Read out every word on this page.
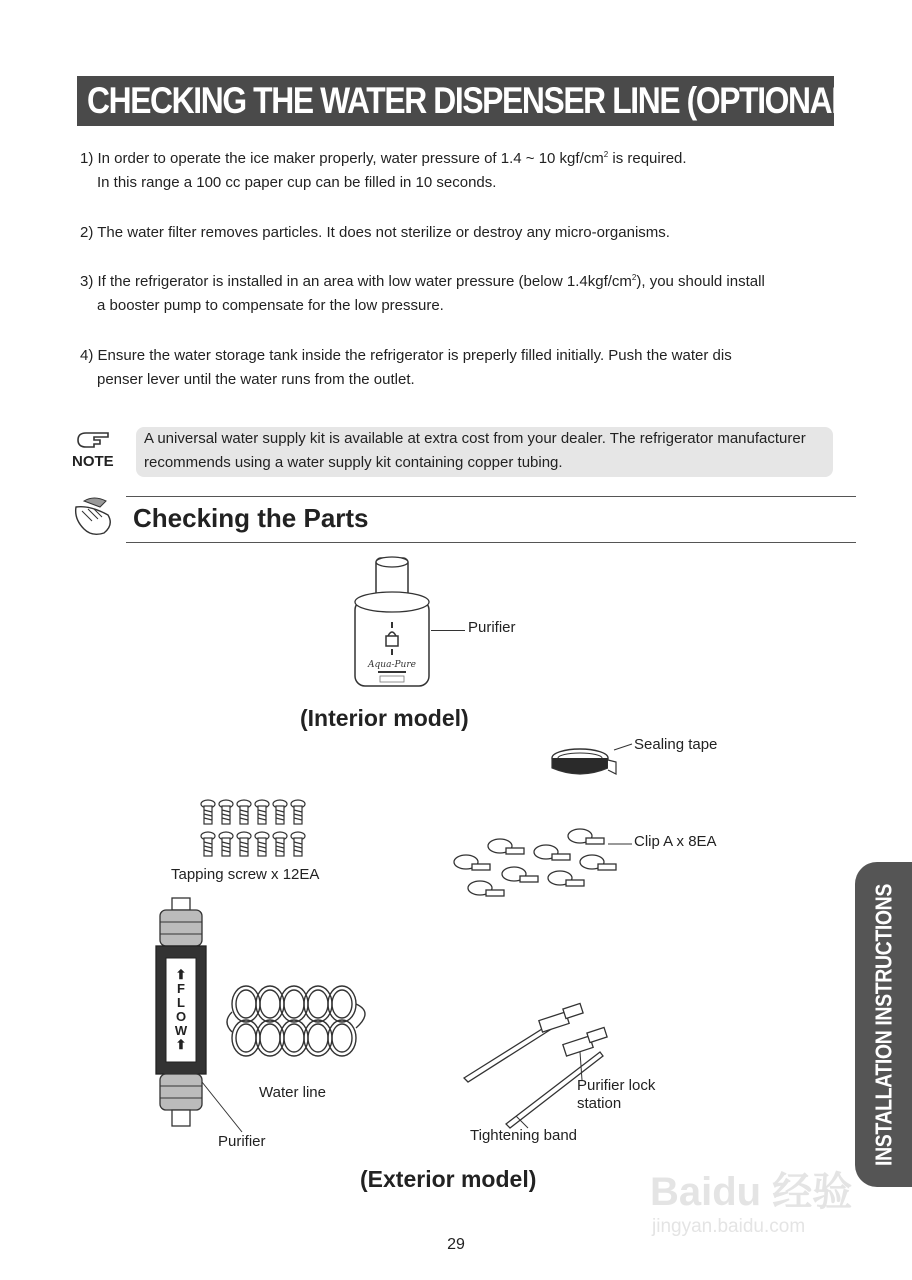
CHECKING THE WATER DISPENSER LINE (OPTIONAL)
1) In order to operate the ice maker properly, water pressure of 1.4 ~ 10 kgf/$cm^2$ is required.
In this range a 100 cc paper cup can be filled in 10 seconds.
2) The water filter removes particles. It does not sterilize or destroy any micro-organisms.
3) If the refrigerator is installed in an area with low water pressure (below $1.4kgf/cm^2$), you should install
a booster pump to compensate for the low pressure.
4) Ensure the water storage tank inside the refrigerator is preperly filled initially. Push the water dis
penser lever until the water runs from the outlet.
NOTE
A universal water supply kit is available at extra cost from your dealer. The refrigerator manufacturer
recommends using a water supply kit containing copper tubing.
Checking the Parts
Aqua-Pure
Purifier
(Interior model)
Sealing tape
Tapping screw x 12EA
Clip A x 8EA
⬆
F
L
O
W
⬆
Purifier
Water line	Purifier lock
station
Tightening band
(Exterior model)
INSTALLATION INSTRUCTIONS
Baidu 经验
jingyan.baidu.com
29
